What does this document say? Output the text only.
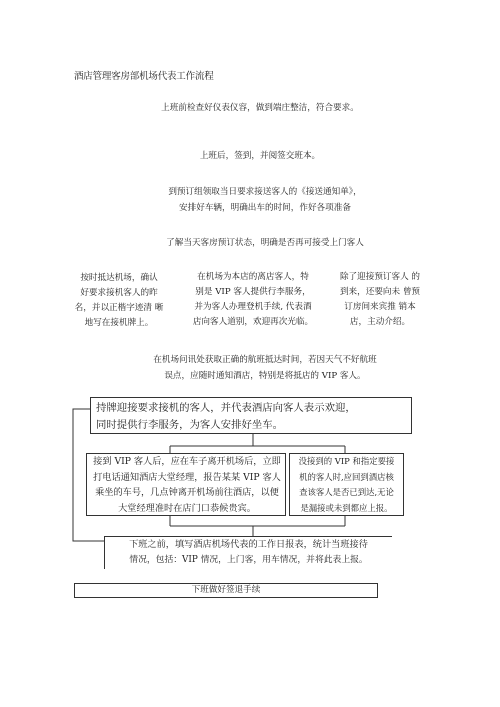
酒店管理客房部机场代表工作流程
上班前检查好仪表仪容，做到端庄整洁，符合要求。
上班后，签到，并阅签交班本。
到预订组领取当日要求接送客人的《接送通知单》，
安排好车辆，明确出车的时间，作好各项准备
了解当天客房预订状态，明确是否再可接受上门客人
按时抵达机场，确认
好要求接机客人的昨
名，并以正楷字迹清 晰
地写在接机牌上。
在机场为本店的离店客人，特
别是 VIP 客人提供行李服务，
并为客人办理登机手续, 代表酒
店向客人道别，欢迎再次光临。
除了迎接预订客人 的
到来，还要向未 曾预
订房间来宾推 销本
店，主动介绍。
在机场问讯处获取正确的航班抵达时间，若因天气不好航班
误点，应随时通知酒店，特别是将抵店的 VIP 客人。
持牌迎接要求接机的客人，并代表酒店向客人表示欢迎，
同时提供行李服务，为客人安排好坐车。
接到 VIP 客人后，应在车子离开机场后，立即
打电话通知酒店大堂经理，报告某某 VIP 客人
乘坐的车号，几点钟离开机场前往酒店，以便
大堂经理准时在店门口恭候贵宾。
没接到的 VIP 和指定要接
机的客人时,应回到酒店核
查该客人是否已到达,无论
是漏接或未到都应上报。
下班之前，填写酒店机场代表的工作日报表，统计当班接待
情况，包括：VIP 情况，上门客，用车情况，并将此表上报。
下班做好签退手续
